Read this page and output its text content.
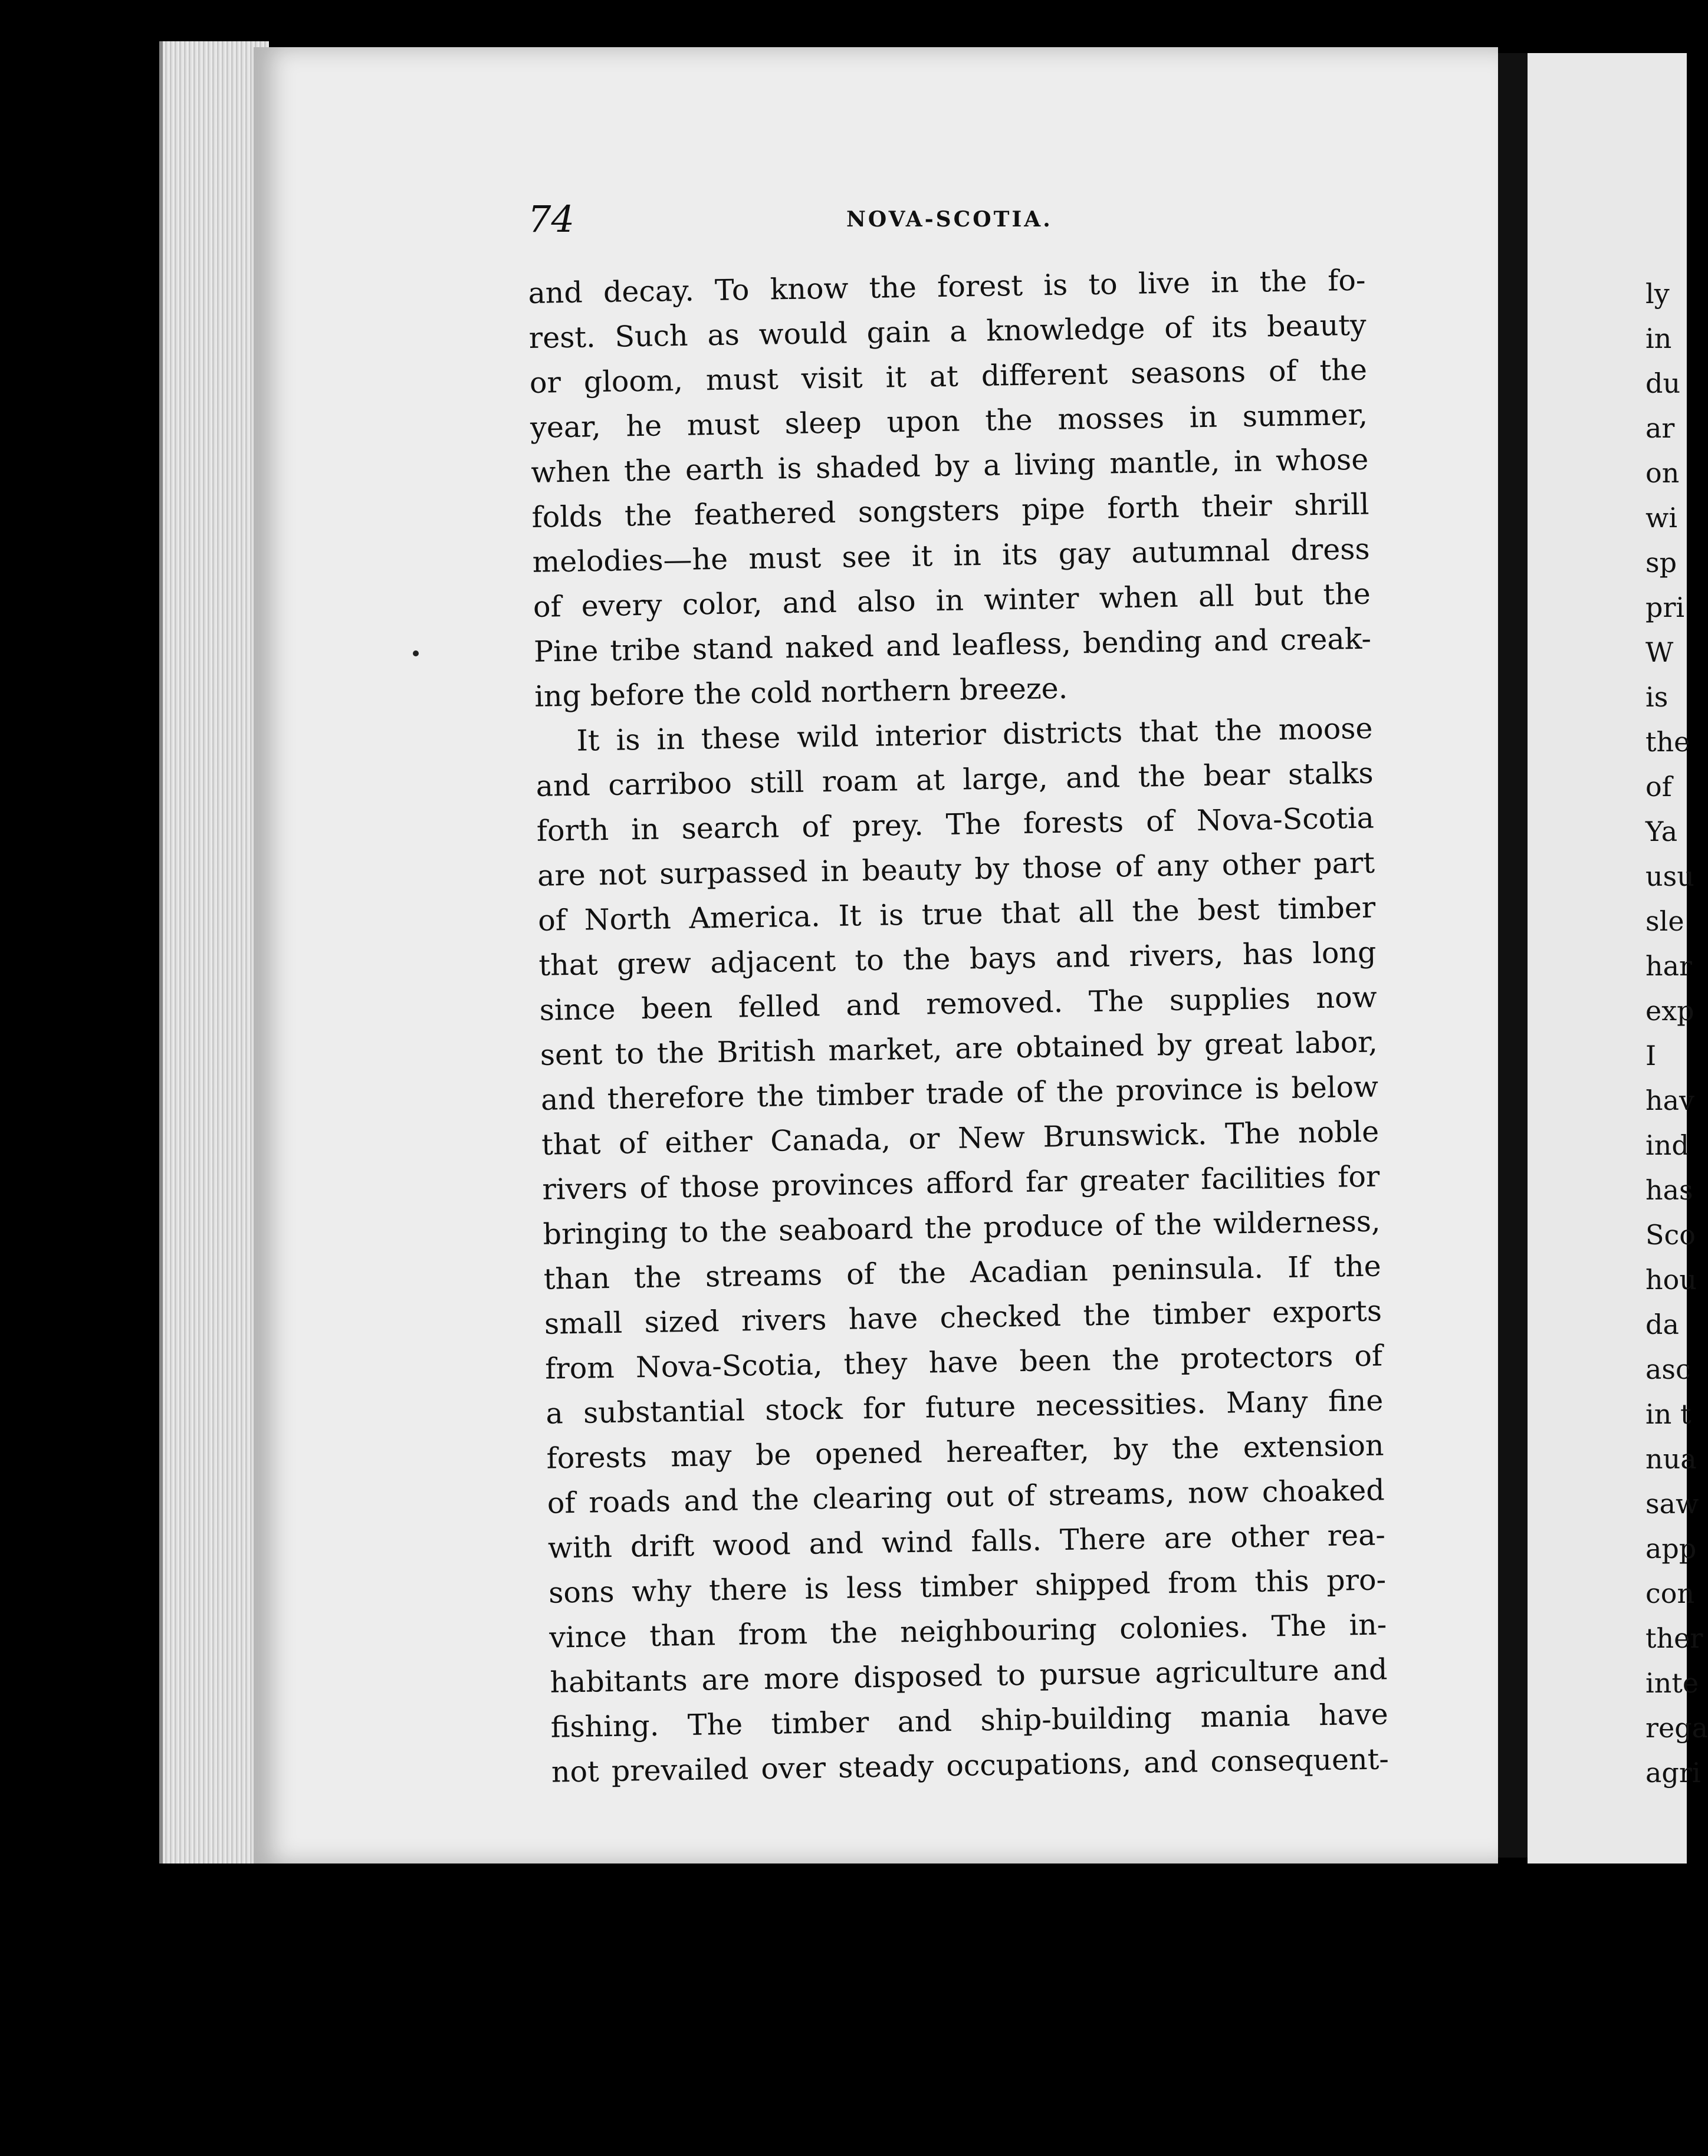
74	NOVA-SCOTIA.
and decay. To know the forest is to live in the fo-
rest. Such as would gain a knowledge of its beauty
or gloom, must visit it at different seasons of the
year, he must sleep upon the mosses in summer,
when the earth is shaded by a living mantle, in whose
folds the feathered songsters pipe forth their shrill
melodies—he must see it in its gay autumnal dress
of every color, and also in winter when all but the
Pine tribe stand naked and leafless, bending and creak-
ing before the cold northern breeze.
It is in these wild interior districts that the moose
and carriboo still roam at large, and the bear stalks
forth in search of prey. The forests of Nova-Scotia
are not surpassed in beauty by those of any other part
of North America. It is true that all the best timber
that grew adjacent to the bays and rivers, has long
since been felled and removed. The supplies now
sent to the British market, are obtained by great labor,
and therefore the timber trade of the province is below
that of either Canada, or New Brunswick. The noble
rivers of those provinces afford far greater facilities for
bringing to the seaboard the produce of the wilderness,
than the streams of the Acadian peninsula. If the
small sized rivers have checked the timber exports
from Nova-Scotia, they have been the protectors of
a substantial stock for future necessities. Many fine
forests may be opened hereafter, by the extension
of roads and the clearing out of streams, now choaked
with drift wood and wind falls. There are other rea-
sons why there is less timber shipped from this pro-
vince than from the neighbouring colonies. The in-
habitants are more disposed to pursue agriculture and
fishing. The timber and ship-building mania have
not prevailed over steady occupations, and consequent-
ly
in
du
ar
on
wi
sp
pri
W
is
the
of
Ya
usu
sle
har
exp
I
hav
ind
has
Sco
hou
da
asc
in t
nua
saw
app
con
ther
inte
rega
agri
